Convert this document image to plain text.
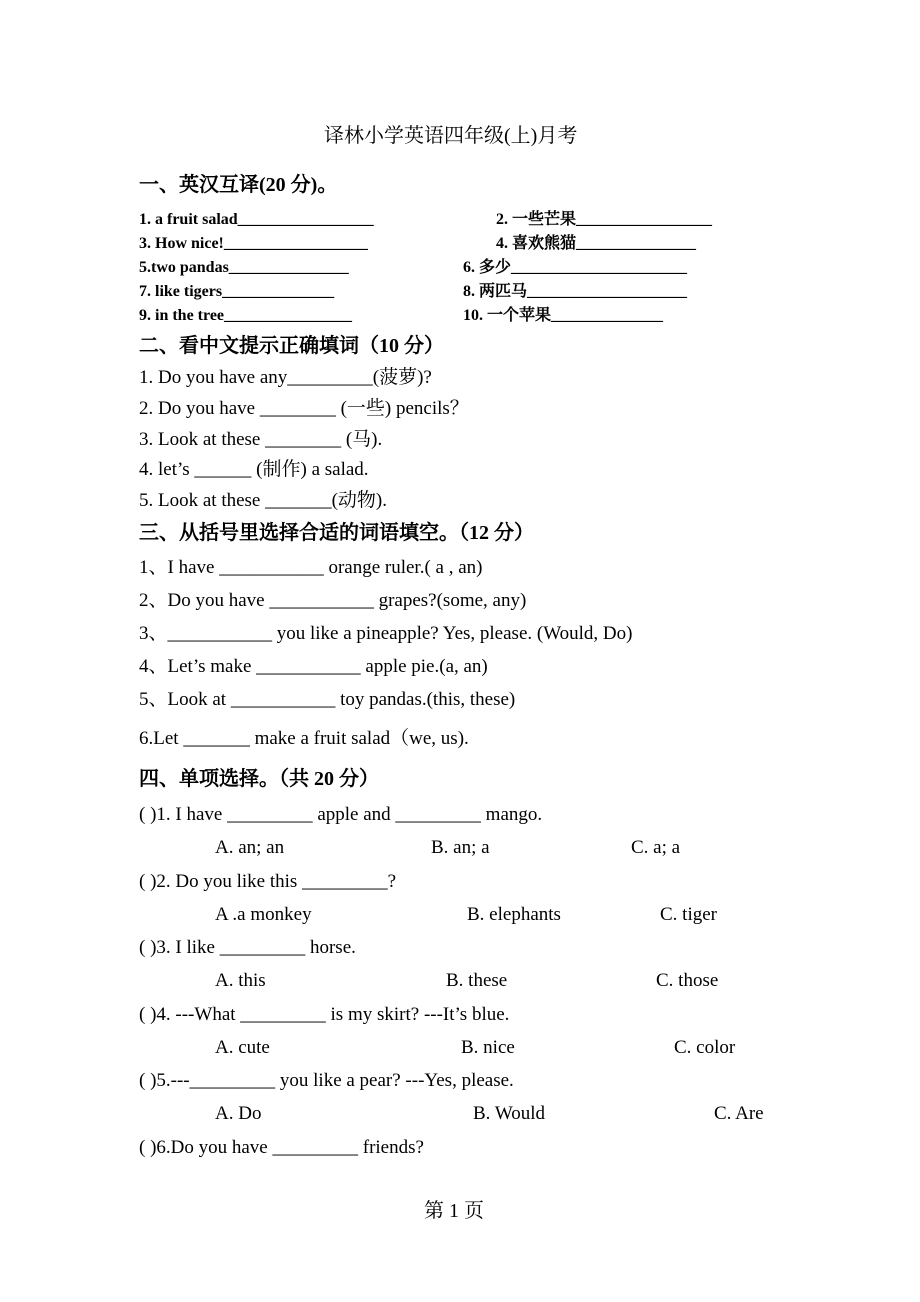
译林小学英语四年级(上)月考
一、英汉互译(20 分)。
1. a fruit salad_________________	2. 一些芒果_________________
3. How nice!__________________	4. 喜欢熊猫_______________
5.two pandas_______________	6. 多少______________________
7. like tigers______________	8. 两匹马____________________
9. in the tree________________	10. 一个苹果______________
二、看中文提示正确填词（10 分）
1. Do you have any_________(菠萝)?
2. Do you have ________ (一些) pencils？
3. Look at these ________ (马).
4. let’s ______ (制作) a salad.
5. Look at these _______(动物).
三、从括号里选择合适的词语填空。（12 分）
1、I have ___________ orange ruler.( a , an)
2、Do you have ___________ grapes?(some, any)
3、___________ you like a pineapple? Yes, please. (Would, Do)
4、Let’s make ___________ apple pie.(a, an)
5、Look at ___________ toy pandas.(this, these)
6.Let _______ make a fruit salad（we, us).
四、单项选择。（共 20 分）
( )1. I have _________ apple and _________ mango.
A. an; an	B. an; a	C. a; a
( )2. Do you like this _________?
A .a monkey	B. elephants	C. tiger
( )3. I like _________ horse.
A. this	B. these	C. those
( )4. ---What _________ is my skirt? ---It’s blue.
A. cute	B. nice	C. color
( )5.---_________ you like a pear? ---Yes, please.
A. Do	B. Would	C. Are
( )6.Do you have _________ friends?
第 1 页
